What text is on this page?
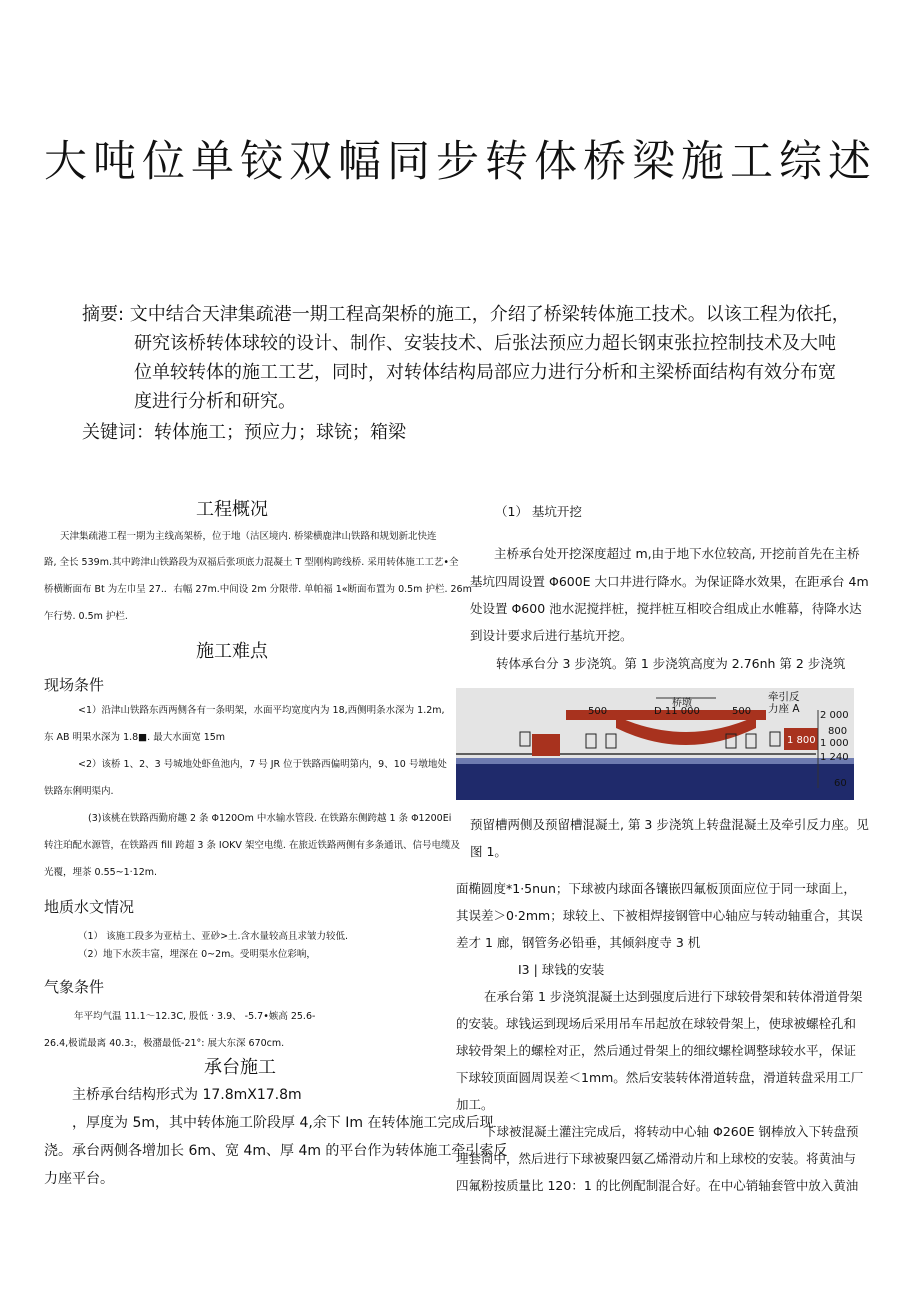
大吨位单铰双幅同步转体桥梁施工综述
摘要: 文中结合天津集疏港一期工程高架桥的施工，介绍了桥梁转体施工技术。以该工程为依托，
研究该桥转体球较的设计、制作、安装技术、后张法预应力超长钢束张拉控制技术及大吨
位单较转体的施工工艺，同时，对转体结构局部应力进行分析和主梁桥面结构有效分布宽
度进行分析和研究。
关键词：转体施工；预应力；球铳；箱梁
工程概况
天津集疏港工程一期为主线高架桥，位于地（沽区境内. 桥梁横鹿津山铁路和规划新北快连
路, 全长 539m.其中跨津山铁路段为双福后张项底力混凝土 T 型刚构跨线桥. 采用转体施工工艺•全
桥横断面布 Bt 为左巾呈 27.．右幅 27m.中间设 2m 分限带. 单帕福 1«断面布置为 0.5m 护栏. 26m
乍行势. 0.5m 护栏.
施工难点
现场条件
<1）沿津山铁路东西两侧各有一条明架，水面平均宽度内为 18,西侧明条水深为 1.2m,
东 AB 明果水深为 1.8■. 最大水面宽 15m
<2）该桥 1、2、3 号城地处虾鱼池内，7 号 JR 位于铁路西偏明第内，9、10 号墩地处
铁路东俐明渠内.
(3)该桃在铁路西勤府趣 2 条 Φ120Om 中水输水管段. 在铁路东侧跨越 1 条 Φ1200Ei
转注珀配水源管，在铁路西 fill 跨超 3 条 IOKV 架空电缆. 在旅近铁路两侧有多条通讯、信号电缆及
光覆，埋茶 0.55~1·12m.
地质水文情况
（1） 该施工段多为亚枯土、亚砂>土.含水量较高且求皱力较低.
（2）地下水茨丰富，埋深在 0~2m。受明渠水位彩响，
气象条件
年平均气温 11.1～12.3C, 股低 · 3.9、 -5.7•嫉高 25.6-
26.4,极谎最离 40.3:，极潴最低-21°: 展大东深 670cm.
承台施工
主桥承台结构形式为 17.8mX17.8m
，厚度为 5m，其中转体施工阶段厚 4,余下 Im 在转体施工完成后现
浇。承台两侧各增加长 6m、宽 4m、厚 4m 的平台作为转体施工牵引索反
力座平台。
（1） 基坑开挖
主桥承台处开挖深度超过 m,由于地下水位较高, 开挖前首先在主桥
基坑四周设置 Φ600E 大口井进行降水。为保证降水效果，在距承台 4m
处设置 Φ600 池水泥搅拌桩，搅拌桩互相咬合组成止水帷幕，待降水达
到设计要求后进行基坑开挖。
转体承台分 3 步浇筑。第 1 步浇筑高度为 2.76nh 第 2 步浇筑
桥墩
500	D 11 000	500
牵引反
力座 A
1 800
2 000
800
1 000
1 240
60
预留槽两侧及预留槽混凝土, 第 3 步浇筑上转盘混凝土及牵引反力座。见
图 1。
面椭圆度*1·5nun；下球被内球面各镶嵌四氟板顶面应位于同一球面上，
其误差＞0·2mm；球较上、下被相焊接钢管中心轴应与转动轴重合，其误
差才 1 廊，钢管务必铅垂，其倾斜度寺 3 机
I3 | 球钱的安装
在承台第 1 步浇筑混凝土达到强度后进行下球较骨架和转体滑道骨架
的安装。球钱运到现场后采用吊车吊起放在球较骨架上，使球被螺栓孔和
球较骨架上的螺栓对正，然后通过骨架上的细纹螺栓调整球较水平，保证
下球较顶面圆周误差＜1mm。然后安装转体滑道转盘，滑道转盘采用工厂
加工。
下球被混凝土灌注完成后，将转动中心轴 Φ260E 钢棒放入下转盘预
埋套筒中，然后进行下球被聚四氨乙烯滑动片和上球校的安装。将黄油与
四氟粉按质量比 120：1 的比例配制混合好。在中心销轴套管中放入黄油
